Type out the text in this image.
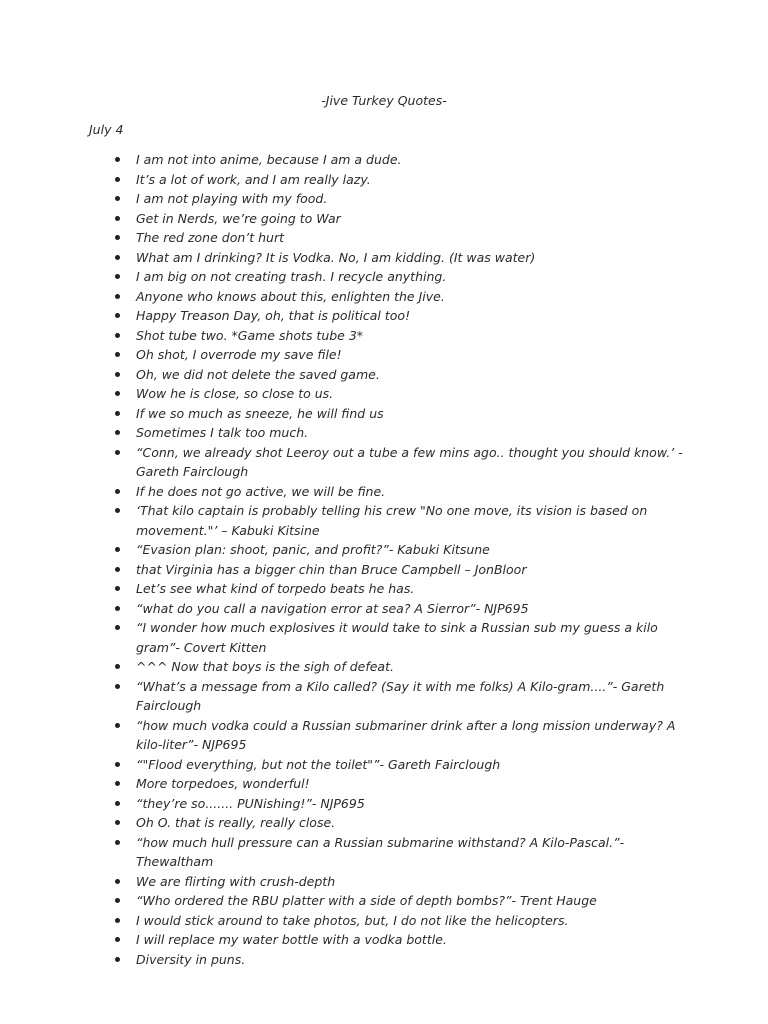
-Jive Turkey Quotes-

July 4

I am not into anime, because I am a dude.
It’s a lot of work, and I am really lazy.
I am not playing with my food.
Get in Nerds, we’re going to War
The red zone don’t hurt
What am I drinking? It is Vodka. No, I am kidding. (It was water)
I am big on not creating trash. I recycle anything.
Anyone who knows about this, enlighten the Jive.
Happy Treason Day, oh, that is political too!
Shot tube two. *Game shots tube 3*
Oh shot, I overrode my save file!
Oh, we did not delete the saved game.
Wow he is close, so close to us.
If we so much as sneeze, he will find us
Sometimes I talk too much.
“Conn, we already shot Leeroy out a tube a few mins ago.. thought you should know.’ -Gareth Fairclough
If he does not go active, we will be fine.
‘That kilo captain is probably telling his crew "No one move, its vision is based on movement."’ – Kabuki Kitsine
“Evasion plan: shoot, panic, and profit?”- Kabuki Kitsune
that Virginia has a bigger chin than Bruce Campbell – JonBloor
Let’s see what kind of torpedo beats he has.
“what do you call a navigation error at sea? A Sierror”- NJP695
“I wonder how much explosives it would take to sink a Russian sub my guess a kilo gram”- Covert Kitten
^^^ Now that boys is the sigh of defeat.
“What’s a message from a Kilo called? (Say it with me folks) A Kilo-gram....”- Gareth Fairclough
“how much vodka could a Russian submariner drink after a long mission underway? A kilo-liter”- NJP695
“"Flood everything, but not the toilet"”- Gareth Fairclough
More torpedoes, wonderful!
“they’re so....... PUNishing!”- NJP695
Oh O. that is really, really close.
“how much hull pressure can a Russian submarine withstand? A Kilo-Pascal.”- Thewaltham
We are flirting with crush-depth
“Who ordered the RBU platter with a side of depth bombs?”- Trent Hauge
I would stick around to take photos, but, I do not like the helicopters.
I will replace my water bottle with a vodka bottle.
Diversity in puns.
